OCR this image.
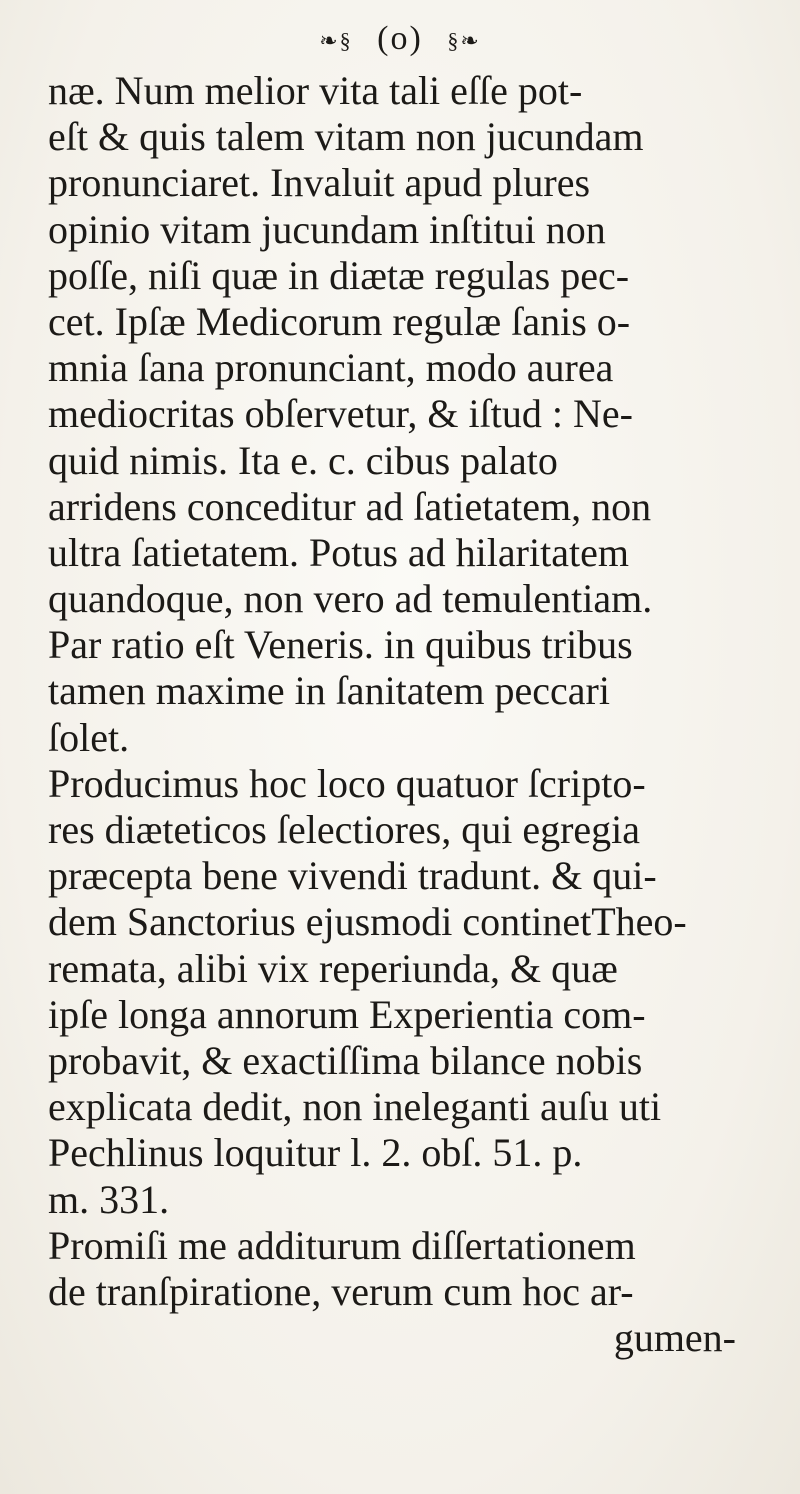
❧§ (o) §❧
næ. Num melior vita tali eſſe pot-
eſt & quis talem vitam non jucundam
pronunciaret. Invaluit apud plures
opinio vitam jucundam inſtitui non
poſſe, niſi quæ in diætæ regulas pec-
cet. Ipſæ Medicorum regulæ ſanis o-
mnia ſana pronunciant, modo aurea
mediocritas obſervetur, & iſtud : Ne-
quid nimis. Ita e. c. cibus palato
arridens conceditur ad ſatietatem, non
ultra ſatietatem. Potus ad hilaritatem
quandoque, non vero ad temulentiam.
Par ratio eſt Veneris. in quibus tribus
tamen maxime in ſanitatem peccari
ſolet.
Producimus hoc loco quatuor ſcripto-
res diæteticos ſelectiores, qui egregia
præcepta bene vivendi tradunt. & qui-
dem Sanctorius ejusmodi continetTheo-
remata, alibi vix reperiunda, & quæ
ipſe longa annorum Experientia com-
probavit, & exactiſſima bilance nobis
explicata dedit, non ineleganti auſu uti
Pechlinus loquitur l. 2. obſ. 51. p.
m. 331.
Promiſi me additurum diſſertationem
de tranſpiratione, verum cum hoc ar-
gumen-
